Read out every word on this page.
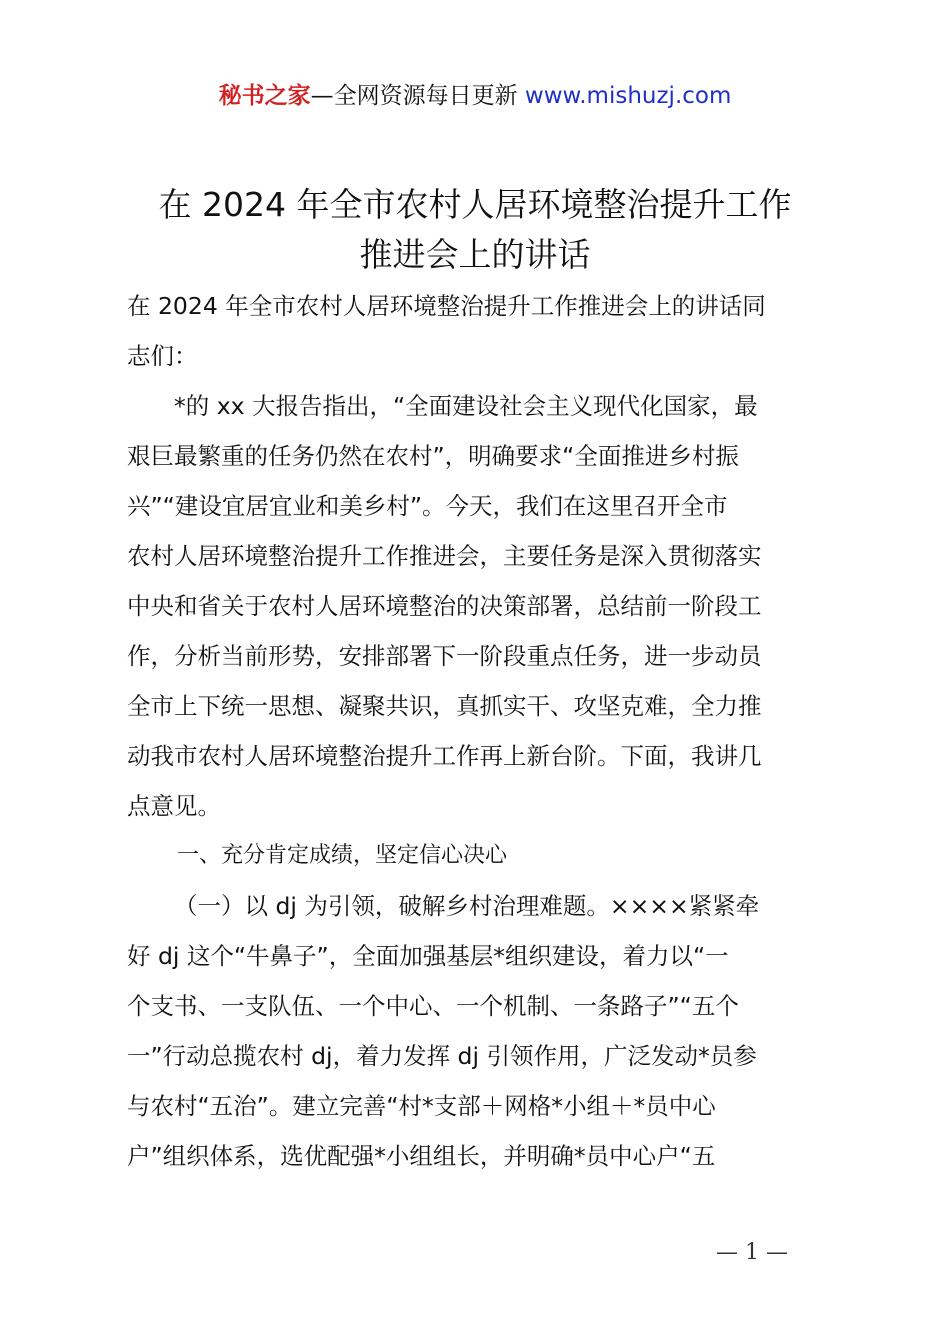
秘书之家—全网资源每日更新 www.mishuzj.com
在 2024 年全市农村人居环境整治提升工作
推进会上的讲话
在 2024 年全市农村人居环境整治提升工作推进会上的讲话同
志们：
*的 xx 大报告指出，“全面建设社会主义现代化国家，最
艰巨最繁重的任务仍然在农村”，明确要求“全面推进乡村振
兴”“建设宜居宜业和美乡村”。今天，我们在这里召开全市
农村人居环境整治提升工作推进会，主要任务是深入贯彻落实
中央和省关于农村人居环境整治的决策部署，总结前一阶段工
作，分析当前形势，安排部署下一阶段重点任务，进一步动员
全市上下统一思想、凝聚共识，真抓实干、攻坚克难，全力推
动我市农村人居环境整治提升工作再上新台阶。下面，我讲几
点意见。
一、充分肯定成绩，坚定信心决心
（一）以 dj 为引领，破解乡村治理难题。××××紧紧牵
好 dj 这个“牛鼻子”，全面加强基层*组织建设，着力以“一
个支书、一支队伍、一个中心、一个机制、一条路子”“五个
一”行动总揽农村 dj，着力发挥 dj 引领作用，广泛发动*员参
与农村“五治”。建立完善“村*支部＋网格*小组＋*员中心
户”组织体系，选优配强*小组组长，并明确*员中心户“五
— 1 —
